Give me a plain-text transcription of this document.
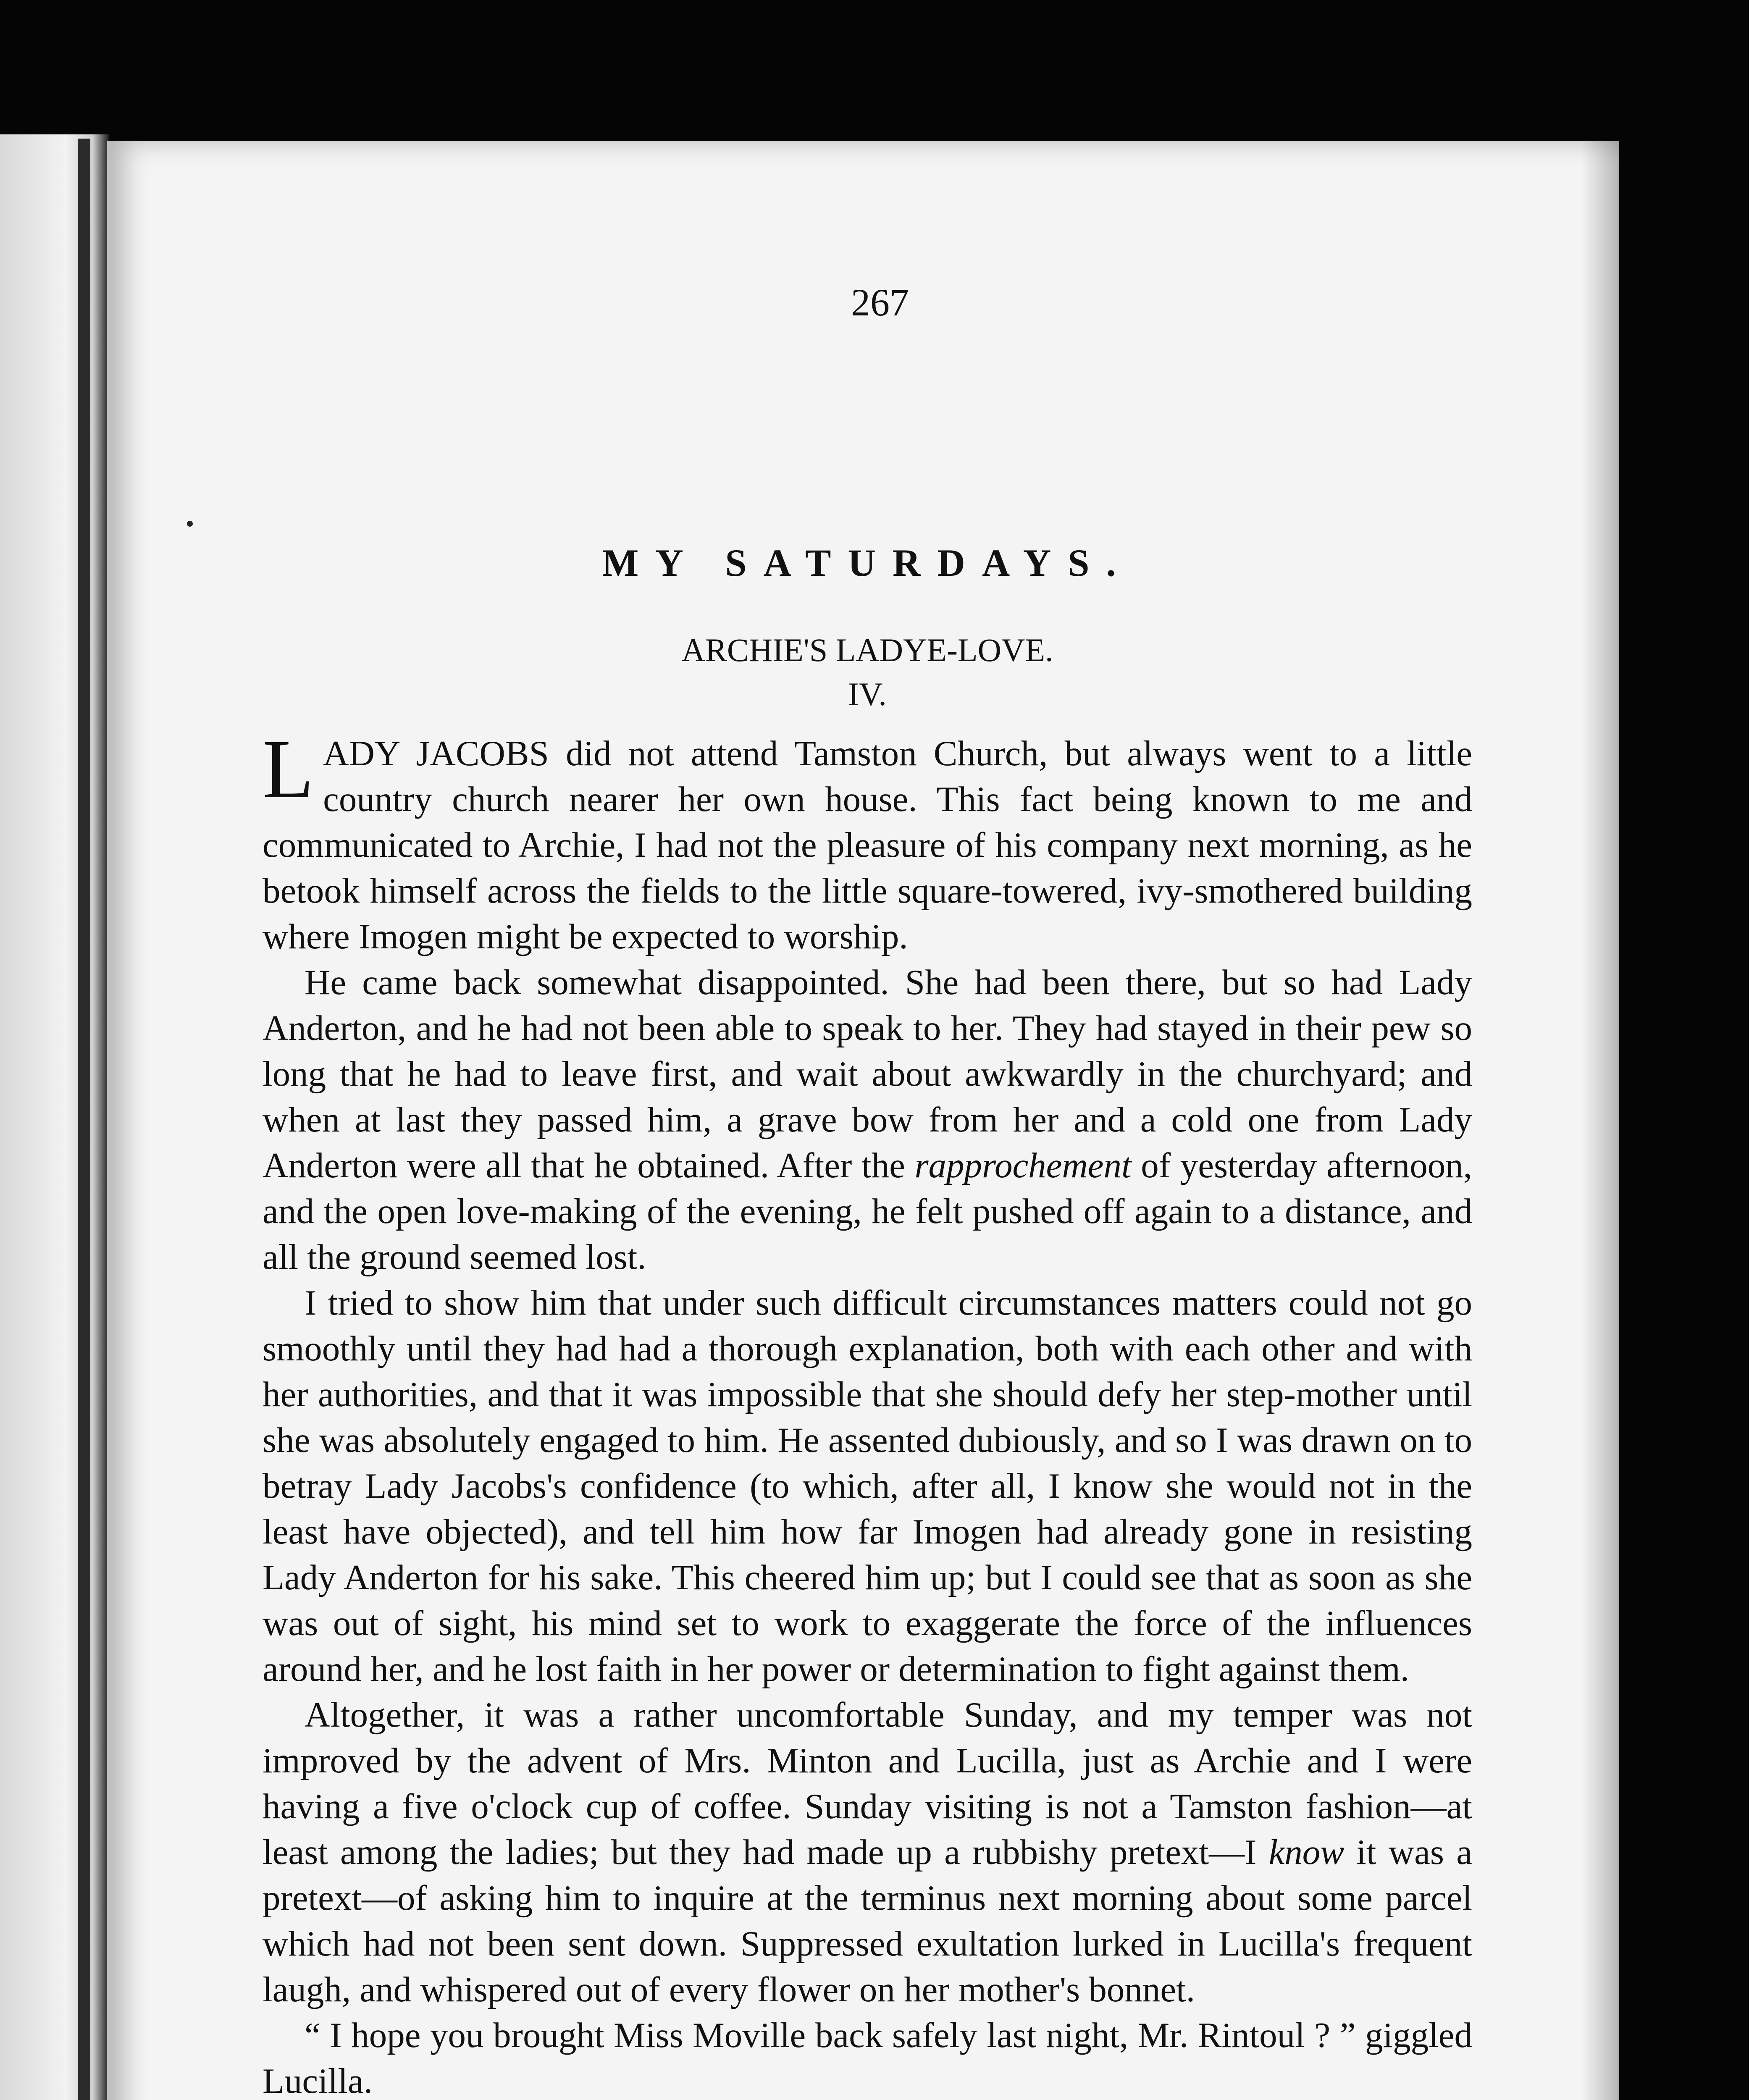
267
MY SATURDAYS.
ARCHIE'S LADYE-LOVE.
IV.

LADY JACOBS did not attend Tamston Church, but always went to a little country church nearer her own house. This fact being known to me and communicated to Archie, I had not the pleasure of his company next morning, as he betook himself across the fields to the little square-towered, ivy-smothered building where Imogen might be expected to worship.

He came back somewhat disappointed. She had been there, but so had Lady Anderton, and he had not been able to speak to her. They had stayed in their pew so long that he had to leave first, and wait about awkwardly in the churchyard; and when at last they passed him, a grave bow from her and a cold one from Lady Anderton were all that he obtained. After the rapprochement of yesterday afternoon, and the open love-making of the evening, he felt pushed off again to a distance, and all the ground seemed lost.

I tried to show him that under such difficult circumstances matters could not go smoothly until they had had a thorough explanation, both with each other and with her authorities, and that it was impossible that she should defy her step-mother until she was absolutely engaged to him. He assented dubiously, and so I was drawn on to betray Lady Jacobs's confidence (to which, after all, I know she would not in the least have objected), and tell him how far Imogen had already gone in resisting Lady Anderton for his sake. This cheered him up; but I could see that as soon as she was out of sight, his mind set to work to exaggerate the force of the influences around her, and he lost faith in her power or determination to fight against them.

Altogether, it was a rather uncomfortable Sunday, and my temper was not improved by the advent of Mrs. Minton and Lucilla, just as Archie and I were having a five o'clock cup of coffee. Sunday visiting is not a Tamston fashion—at least among the ladies; but they had made up a rubbishy pretext—I know it was a pretext—of asking him to inquire at the terminus next morning about some parcel which had not been sent down. Suppressed exultation lurked in Lucilla's frequent laugh, and whispered out of every flower on her mother's bonnet.

“ I hope you brought Miss Moville back safely last night, Mr. Rintoul ? ” giggled Lucilla.
